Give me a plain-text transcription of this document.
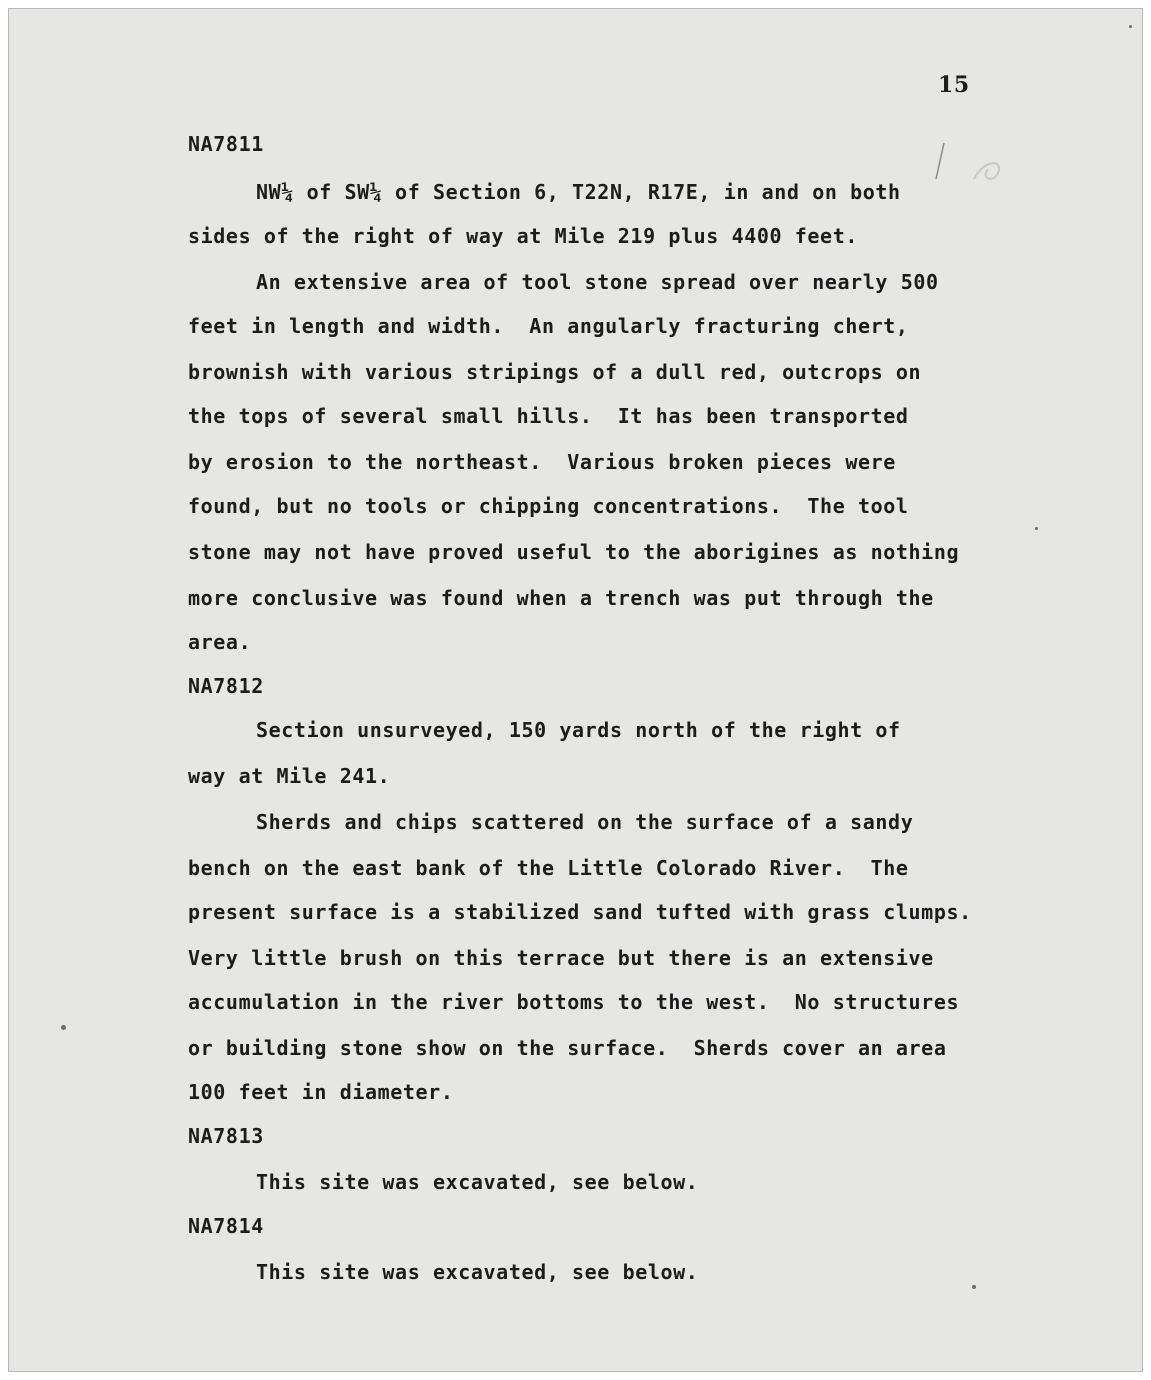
15
NA7811
NW¼ of SW¼ of Section 6, T22N, R17E, in and on both
sides of the right of way at Mile 219 plus 4400 feet.
An extensive area of tool stone spread over nearly 500
feet in length and width.  An angularly fracturing chert,
brownish with various stripings of a dull red, outcrops on
the tops of several small hills.  It has been transported
by erosion to the northeast.  Various broken pieces were
found, but no tools or chipping concentrations.  The tool
stone may not have proved useful to the aborigines as nothing
more conclusive was found when a trench was put through the
area.
NA7812
Section unsurveyed, 150 yards north of the right of
way at Mile 241.
Sherds and chips scattered on the surface of a sandy
bench on the east bank of the Little Colorado River.  The
present surface is a stabilized sand tufted with grass clumps.
Very little brush on this terrace but there is an extensive
accumulation in the river bottoms to the west.  No structures
or building stone show on the surface.  Sherds cover an area
100 feet in diameter.
NA7813
This site was excavated, see below.
NA7814
This site was excavated, see below.
